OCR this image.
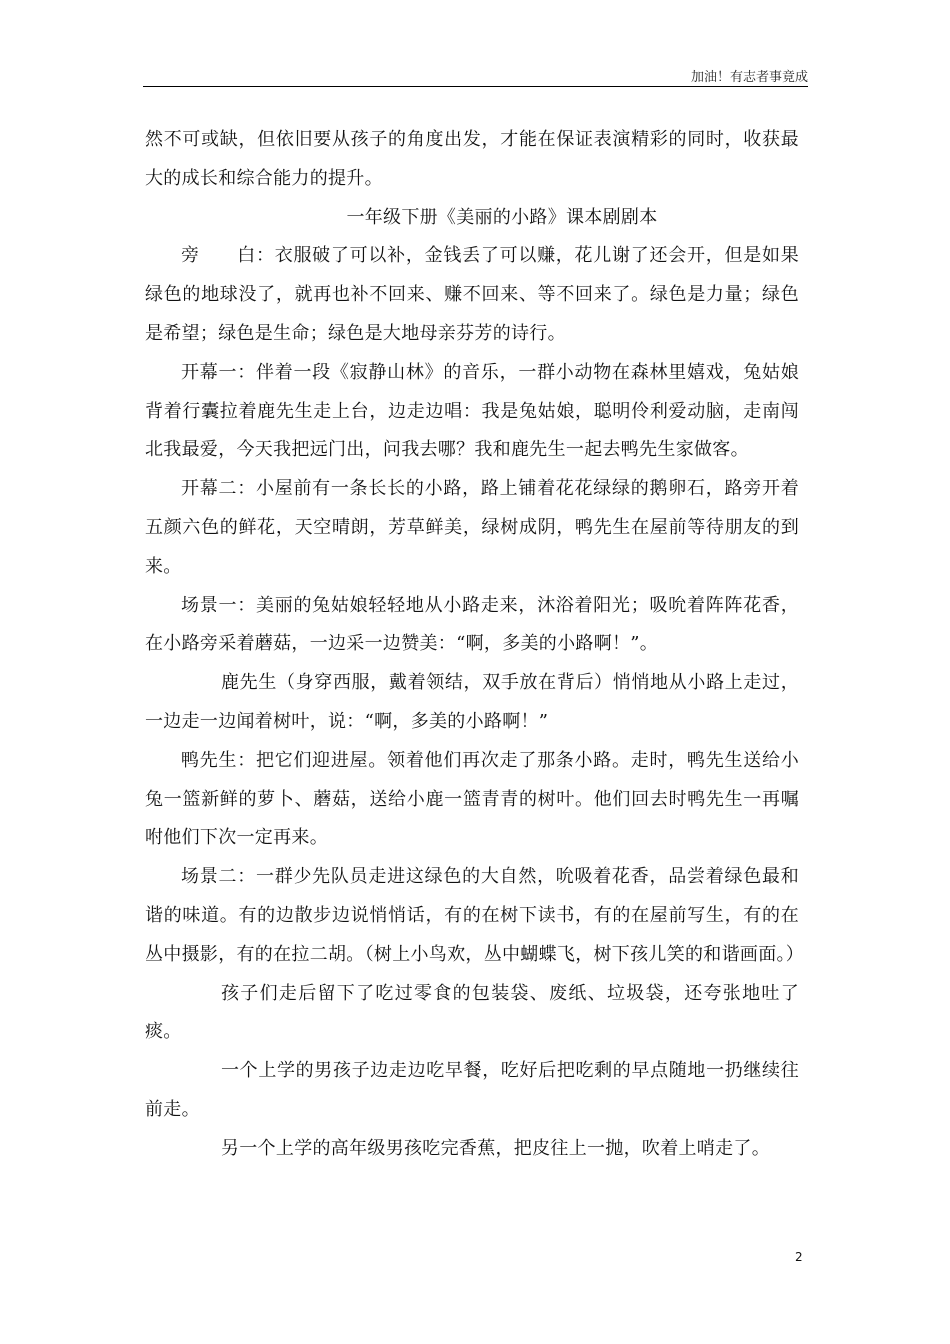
加油！有志者事竟成

然不可或缺，但依旧要从孩子的角度出发，才能在保证表演精彩的同时，收获最大的成长和综合能力的提升。

一年级下册《美丽的小路》课本剧剧本

旁　　白：衣服破了可以补，金钱丢了可以赚，花儿谢了还会开，但是如果绿色的地球没了，就再也补不回来、赚不回来、等不回来了。绿色是力量；绿色是希望；绿色是生命；绿色是大地母亲芬芳的诗行。

开幕一：伴着一段《寂静山林》的音乐，一群小动物在森林里嬉戏，兔姑娘背着行囊拉着鹿先生走上台，边走边唱：我是兔姑娘，聪明伶利爱动脑，走南闯北我最爱，今天我把远门出，问我去哪？我和鹿先生一起去鸭先生家做客。

开幕二：小屋前有一条长长的小路，路上铺着花花绿绿的鹅卵石，路旁开着五颜六色的鲜花，天空晴朗，芳草鲜美，绿树成阴，鸭先生在屋前等待朋友的到来。

场景一：美丽的兔姑娘轻轻地从小路走来，沐浴着阳光；吸吮着阵阵花香，在小路旁采着蘑菇，一边采一边赞美：“啊，多美的小路啊！”。

鹿先生（身穿西服，戴着领结，双手放在背后）悄悄地从小路上走过，一边走一边闻着树叶，说：“啊，多美的小路啊！”

鸭先生：把它们迎进屋。领着他们再次走了那条小路。走时，鸭先生送给小兔一篮新鲜的萝卜、蘑菇，送给小鹿一篮青青的树叶。他们回去时鸭先生一再嘱咐他们下次一定再来。

场景二：一群少先队员走进这绿色的大自然，吮吸着花香，品尝着绿色最和谐的味道。有的边散步边说悄悄话，有的在树下读书，有的在屋前写生，有的在丛中摄影，有的在拉二胡。（树上小鸟欢，丛中蝴蝶飞，树下孩儿笑的和谐画面。）

孩子们走后留下了吃过零食的包装袋、废纸、垃圾袋，还夸张地吐了痰。

一个上学的男孩子边走边吃早餐，吃好后把吃剩的早点随地一扔继续往前走。

另一个上学的高年级男孩吃完香蕉，把皮往上一抛，吹着上哨走了。

2
